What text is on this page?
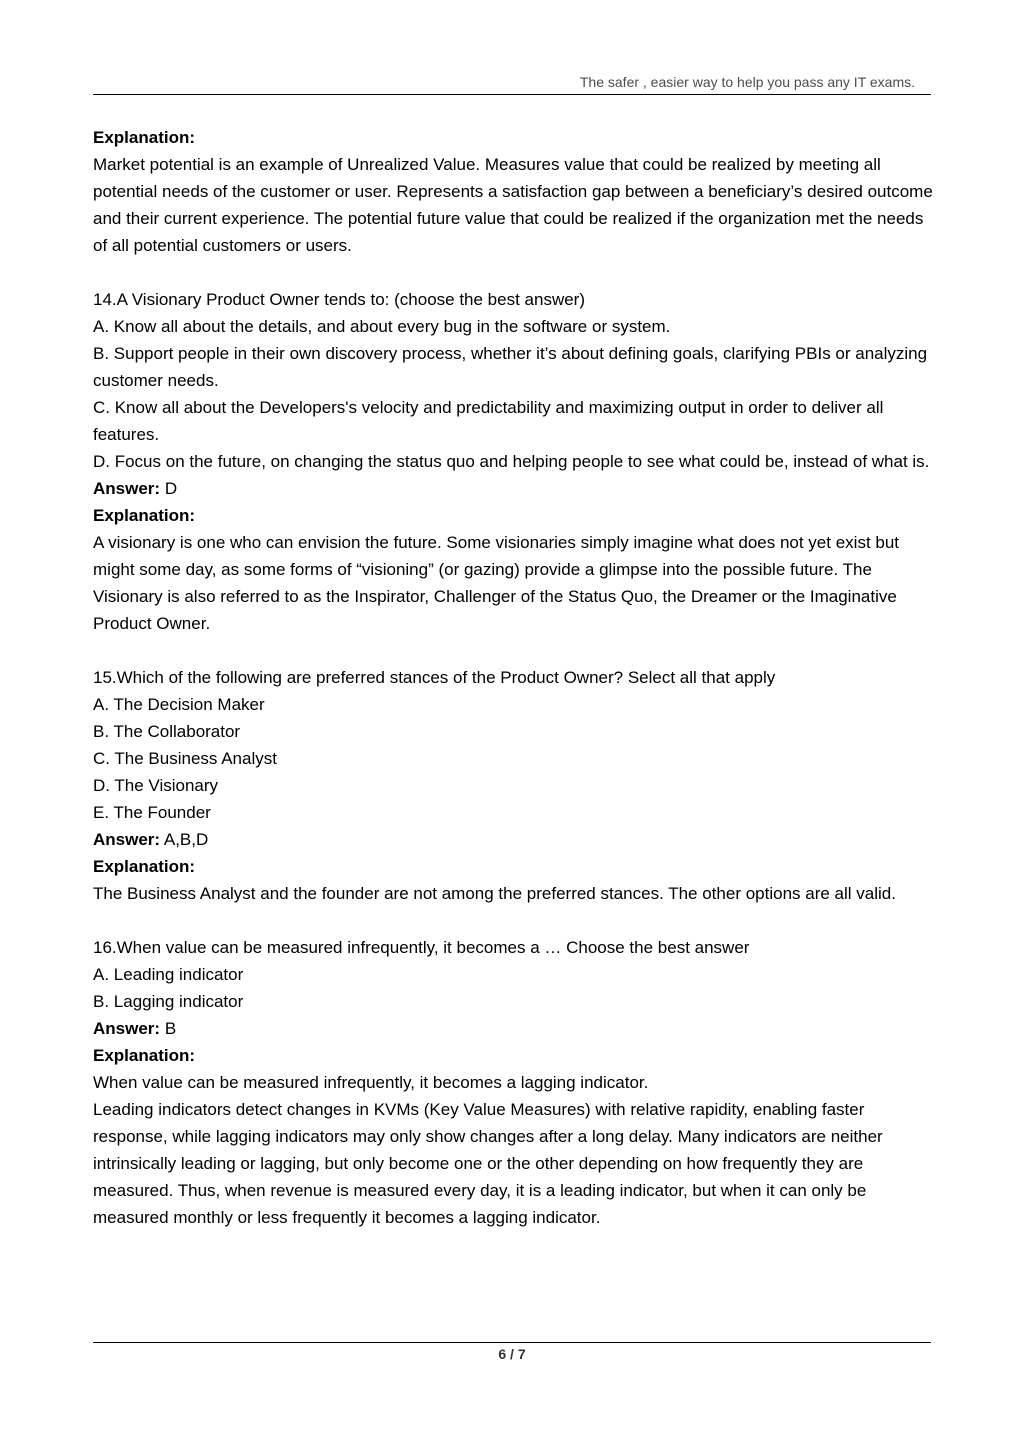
The safer , easier way to help you pass any IT exams.

Explanation:

Market potential is an example of Unrealized Value. Measures value that could be realized by meeting all potential needs of the customer or user. Represents a satisfaction gap between a beneficiary’s desired outcome and their current experience. The potential future value that could be realized if the organization met the needs of all potential customers or users.

14.A Visionary Product Owner tends to: (choose the best answer)

A. Know all about the details, and about every bug in the software or system.

B. Support people in their own discovery process, whether it’s about defining goals, clarifying PBIs or analyzing customer needs.

C. Know all about the Developers's velocity and predictability and maximizing output in order to deliver all features.

D. Focus on the future, on changing the status quo and helping people to see what could be, instead of what is.

Answer: D

Explanation:

A visionary is one who can envision the future. Some visionaries simply imagine what does not yet exist but might some day, as some forms of “visioning” (or gazing) provide a glimpse into the possible future. The Visionary is also referred to as the Inspirator, Challenger of the Status Quo, the Dreamer or the Imaginative Product Owner.

15.Which of the following are preferred stances of the Product Owner? Select all that apply

A. The Decision Maker

B. The Collaborator

C. The Business Analyst

D. The Visionary

E. The Founder

Answer: A,B,D

Explanation:

The Business Analyst and the founder are not among the preferred stances. The other options are all valid.

16.When value can be measured infrequently, it becomes a … Choose the best answer

A. Leading indicator

B. Lagging indicator

Answer: B

Explanation:

When value can be measured infrequently, it becomes a lagging indicator.

Leading indicators detect changes in KVMs (Key Value Measures) with relative rapidity, enabling faster response, while lagging indicators may only show changes after a long delay. Many indicators are neither intrinsically leading or lagging, but only become one or the other depending on how frequently they are measured. Thus, when revenue is measured every day, it is a leading indicator, but when it can only be measured monthly or less frequently it becomes a lagging indicator.

6 / 7
